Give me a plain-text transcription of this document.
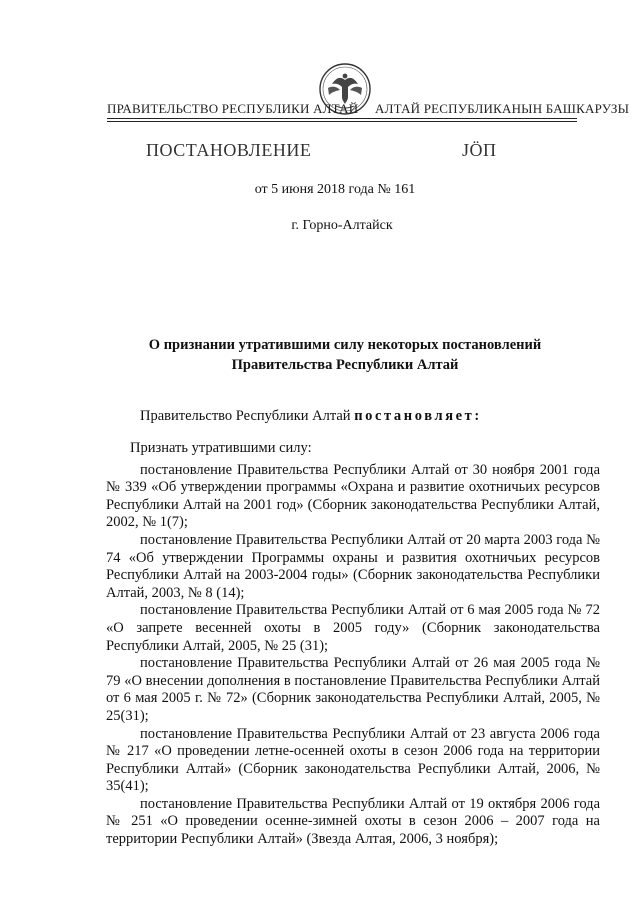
ПРАВИТЕЛЬСТВО РЕСПУБЛИКИ АЛТАЙ АЛТАЙ РЕСПУБЛИКАНЫН БАШКАРУЗЫ
ПОСТАНОВЛЕНИЕ	ЈӦП
от 5 июня 2018 года № 161
г. Горно-Алтайск
О признании утратившими силу некоторых постановлений
Правительства Республики Алтай
Правительство Республики Алтай постановляет:

Признать утратившими силу:

постановление Правительства Республики Алтай от 30 ноября 2001 года № 339 «Об утверждении программы «Охрана и развитие охотничьих ресурсов Республики Алтай на 2001 год» (Сборник законодательства Республики Алтай, 2002, № 1(7);

постановление Правительства Республики Алтай от 20 марта 2003 года № 74 «Об утверждении Программы охраны и развития охотничьих ресурсов Республики Алтай на 2003-2004 годы» (Сборник законодательства Республики Алтай, 2003, № 8 (14);

постановление Правительства Республики Алтай от 6 мая 2005 года № 72 «О запрете весенней охоты в 2005 году» (Сборник законодательства Республики Алтай, 2005, № 25 (31);

постановление Правительства Республики Алтай от 26 мая 2005 года № 79 «О внесении дополнения в постановление Правительства Республики Алтай от 6 мая 2005 г. № 72» (Сборник законодательства Республики Алтай, 2005, № 25(31);

постановление Правительства Республики Алтай от 23 августа 2006 года № 217 «О проведении летне-осенней охоты в сезон 2006 года на территории Республики Алтай» (Сборник законодательства Республики Алтай, 2006, № 35(41);

постановление Правительства Республики Алтай от 19 октября 2006 года № 251 «О проведении осенне-зимней охоты в сезон 2006 – 2007 года на территории Республики Алтай» (Звезда Алтая, 2006, 3 ноября);
